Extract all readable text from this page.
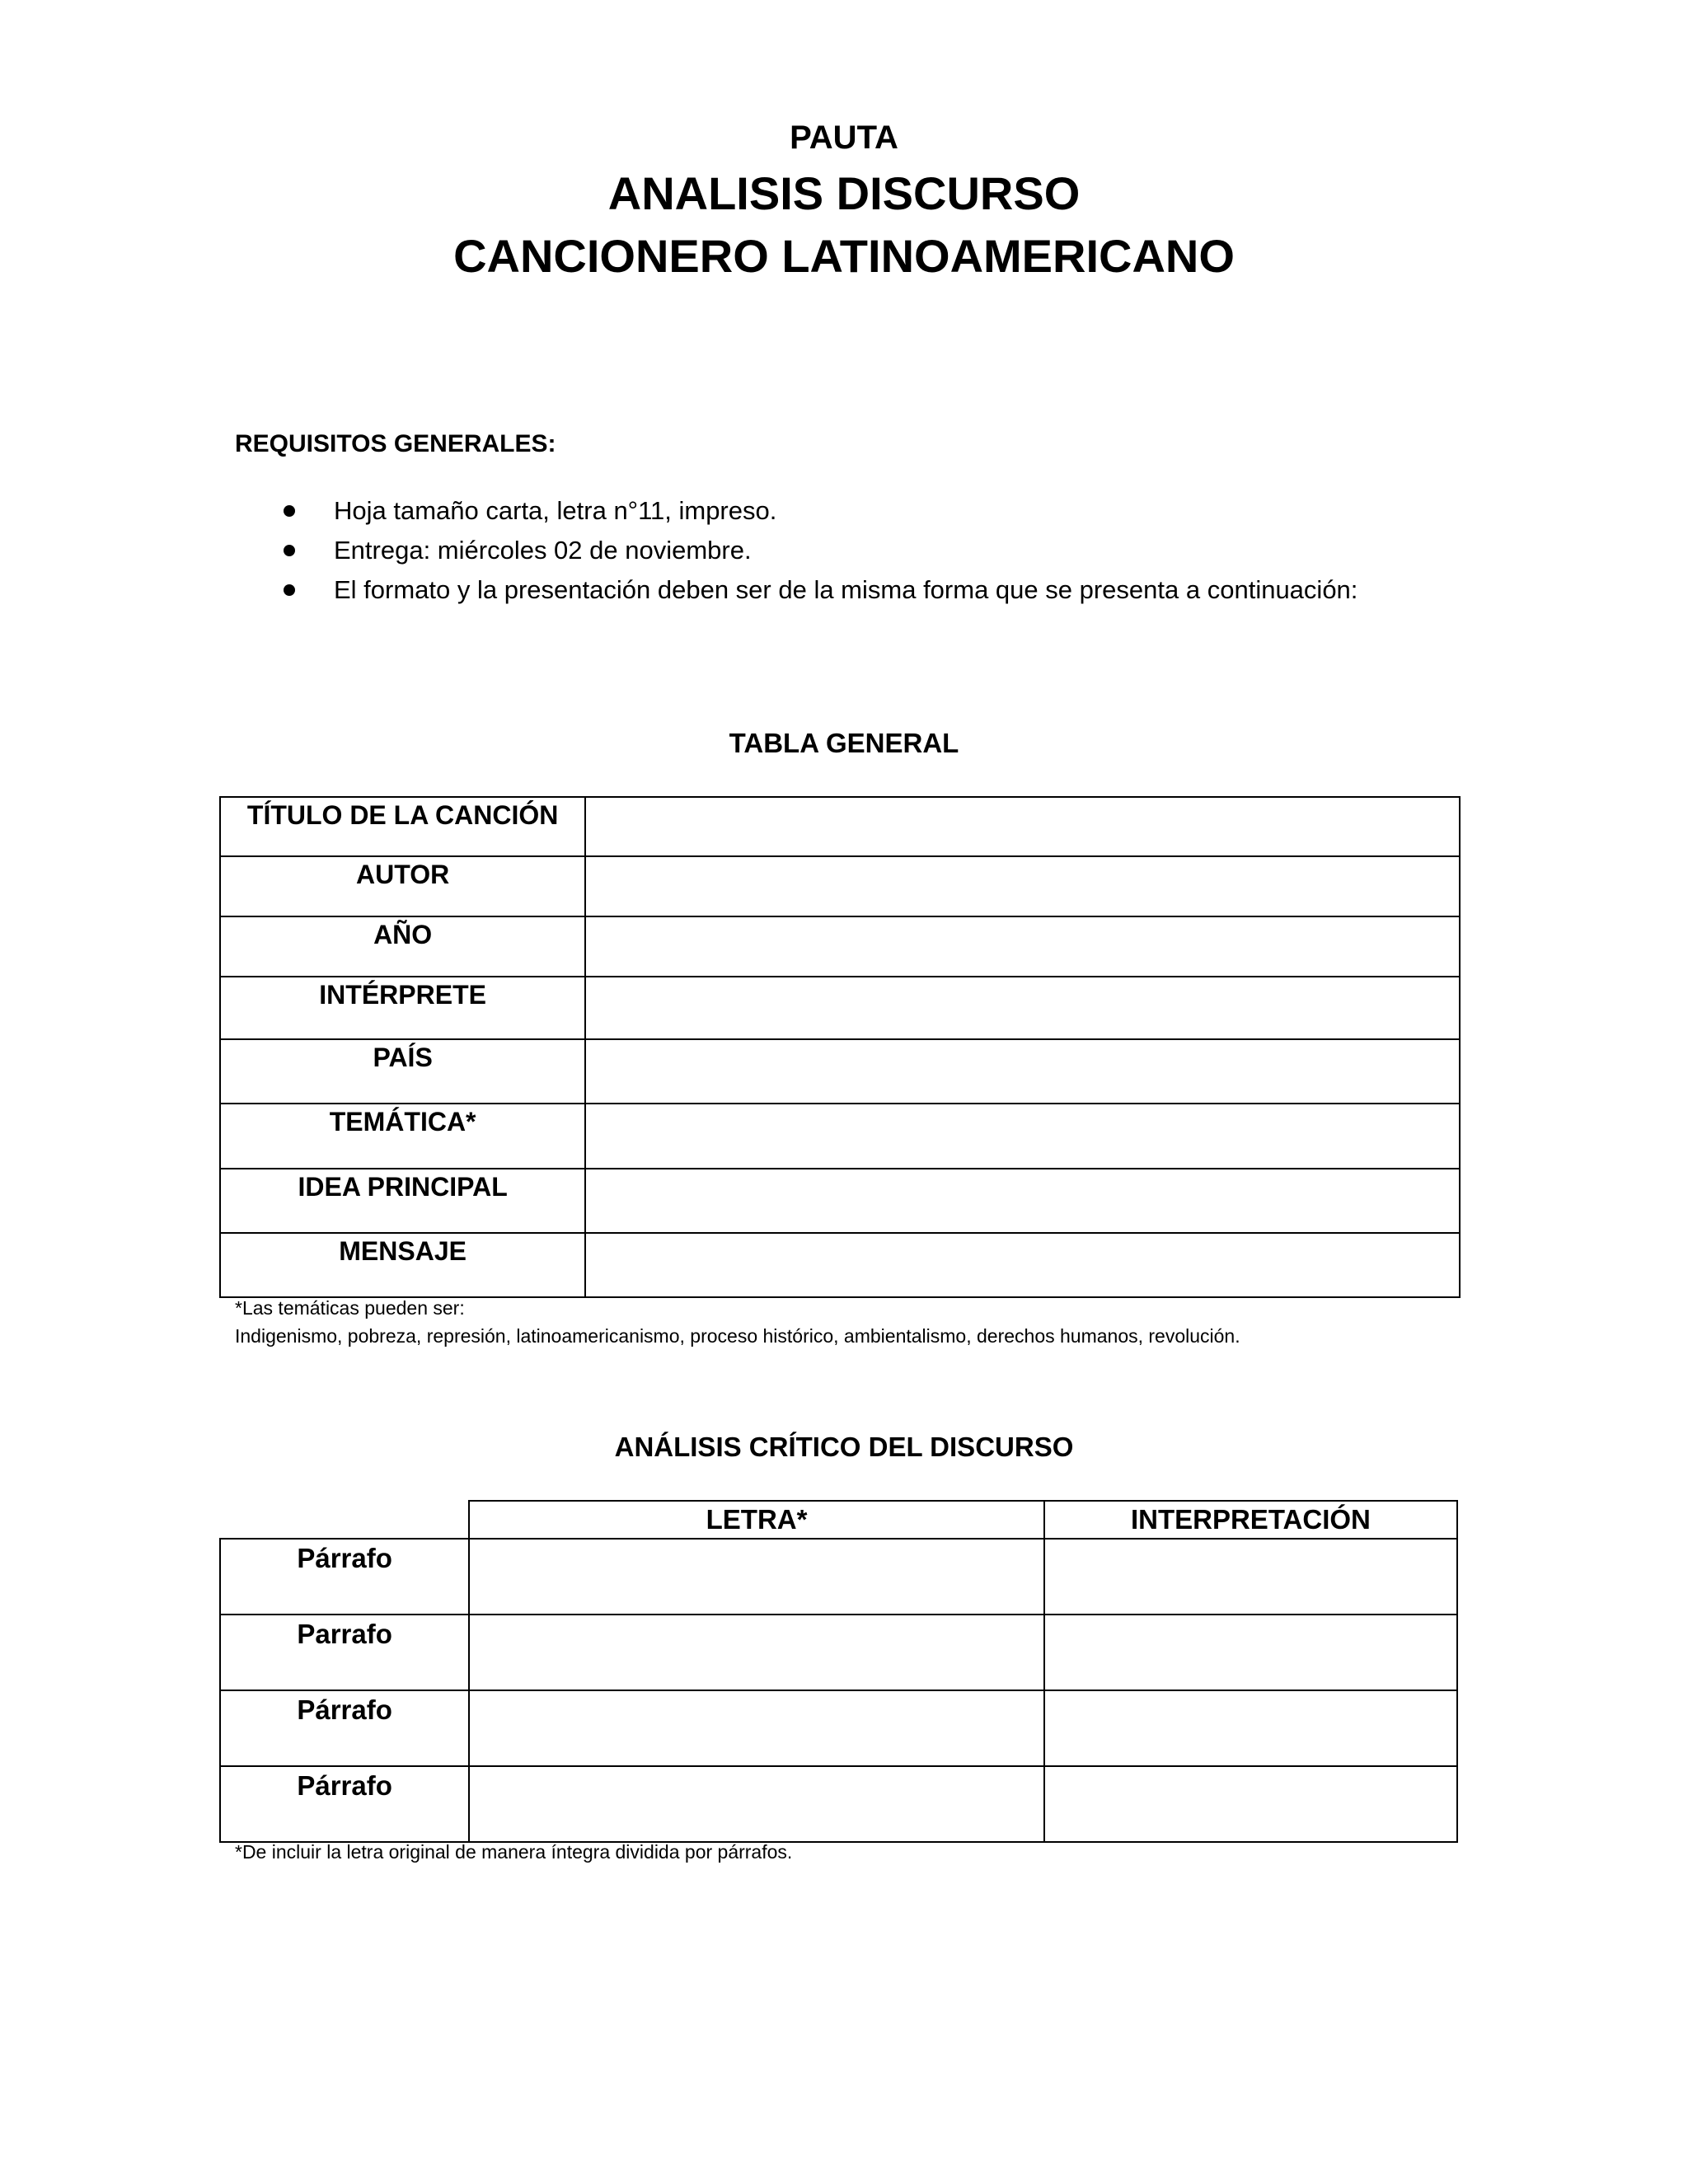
PAUTA
ANALISIS DISCURSO
CANCIONERO LATINOAMERICANO
REQUISITOS GENERALES:
Hoja tamaño carta, letra n°11, impreso.
Entrega: miércoles 02 de noviembre.
El formato y la presentación deben ser de la misma forma que se presenta a continuación:
TABLA GENERAL
TÍTULO DE LA CANCIÓN	
AUTOR	
AÑO	
INTÉRPRETE	
PAÍS	
TEMÁTICA*	
IDEA PRINCIPAL	
MENSAJE	
*Las temáticas pueden ser:
Indigenismo, pobreza, represión, latinoamericanismo, proceso histórico, ambientalismo, derechos humanos, revolución.
ANÁLISIS CRÍTICO DEL DISCURSO
	LETRA*	INTERPRETACIÓN
Párrafo		
Parrafo		
Párrafo		
Párrafo		
*De incluir la letra original de manera íntegra dividida por párrafos.
